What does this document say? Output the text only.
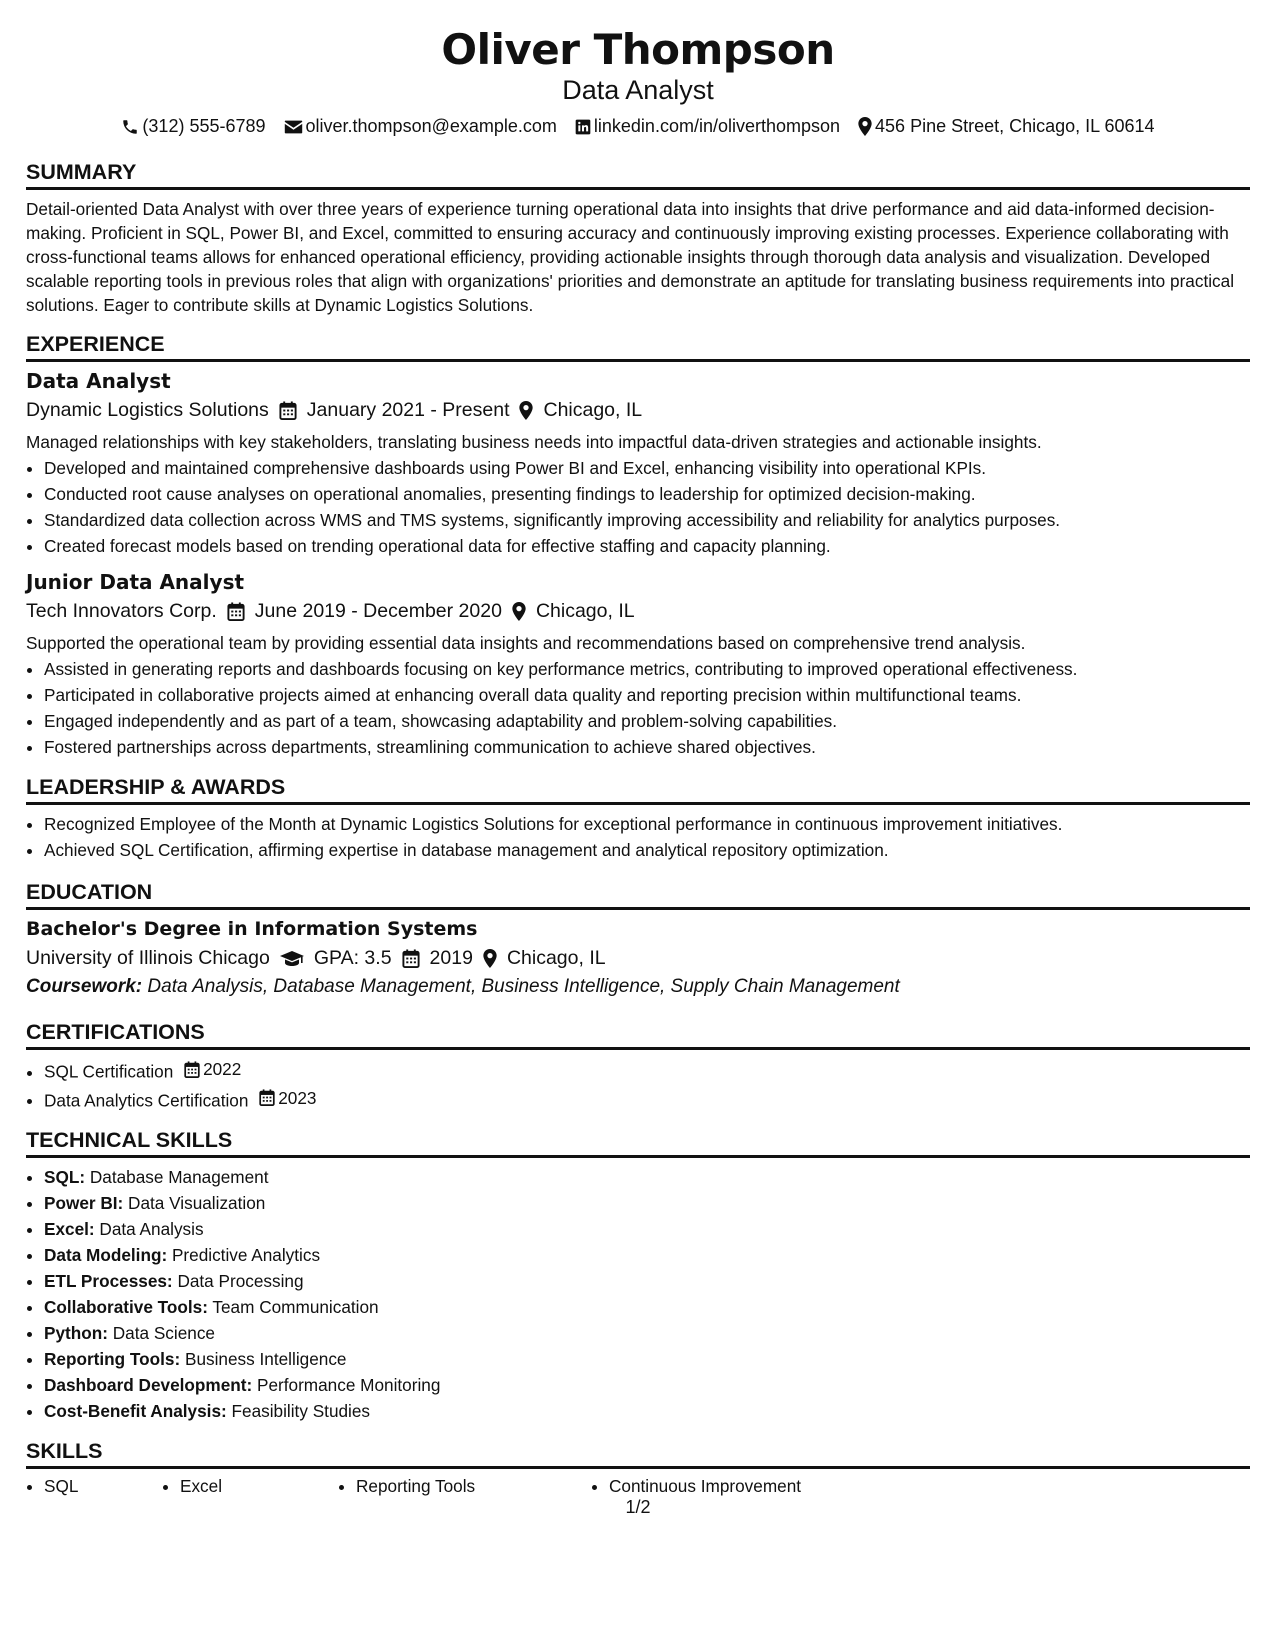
Oliver Thompson
Data Analyst
(312) 555-6789 oliver.thompson@example.com linkedin.com/in/oliverthompson 456 Pine Street, Chicago, IL 60614
SUMMARY
Detail-oriented Data Analyst with over three years of experience turning operational data into insights that drive performance and aid data-informed decision-making. Proficient in SQL, Power BI, and Excel, committed to ensuring accuracy and continuously improving existing processes. Experience collaborating with cross-functional teams allows for enhanced operational efficiency, providing actionable insights through thorough data analysis and visualization. Developed scalable reporting tools in previous roles that align with organizations' priorities and demonstrate an aptitude for translating business requirements into practical solutions. Eager to contribute skills at Dynamic Logistics Solutions.
EXPERIENCE
Data Analyst
Dynamic Logistics Solutions January 2021 - Present Chicago, IL
Managed relationships with key stakeholders, translating business needs into impactful data-driven strategies and actionable insights.
• Developed and maintained comprehensive dashboards using Power BI and Excel, enhancing visibility into operational KPIs.
• Conducted root cause analyses on operational anomalies, presenting findings to leadership for optimized decision-making.
• Standardized data collection across WMS and TMS systems, significantly improving accessibility and reliability for analytics purposes.
• Created forecast models based on trending operational data for effective staffing and capacity planning.
Junior Data Analyst
Tech Innovators Corp. June 2019 - December 2020 Chicago, IL
Supported the operational team by providing essential data insights and recommendations based on comprehensive trend analysis.
• Assisted in generating reports and dashboards focusing on key performance metrics, contributing to improved operational effectiveness.
• Participated in collaborative projects aimed at enhancing overall data quality and reporting precision within multifunctional teams.
• Engaged independently and as part of a team, showcasing adaptability and problem-solving capabilities.
• Fostered partnerships across departments, streamlining communication to achieve shared objectives.
LEADERSHIP & AWARDS
• Recognized Employee of the Month at Dynamic Logistics Solutions for exceptional performance in continuous improvement initiatives.
• Achieved SQL Certification, affirming expertise in database management and analytical repository optimization.
EDUCATION
Bachelor's Degree in Information Systems
University of Illinois Chicago GPA: 3.5 2019 Chicago, IL
Coursework: Data Analysis, Database Management, Business Intelligence, Supply Chain Management
CERTIFICATIONS
• SQL Certification 2022
• Data Analytics Certification 2023
TECHNICAL SKILLS
• SQL: Database Management
• Power BI: Data Visualization
• Excel: Data Analysis
• Data Modeling: Predictive Analytics
• ETL Processes: Data Processing
• Collaborative Tools: Team Communication
• Python: Data Science
• Reporting Tools: Business Intelligence
• Dashboard Development: Performance Monitoring
• Cost-Benefit Analysis: Feasibility Studies
SKILLS
• SQL	• Excel	• Reporting Tools	• Continuous Improvement
1/2
